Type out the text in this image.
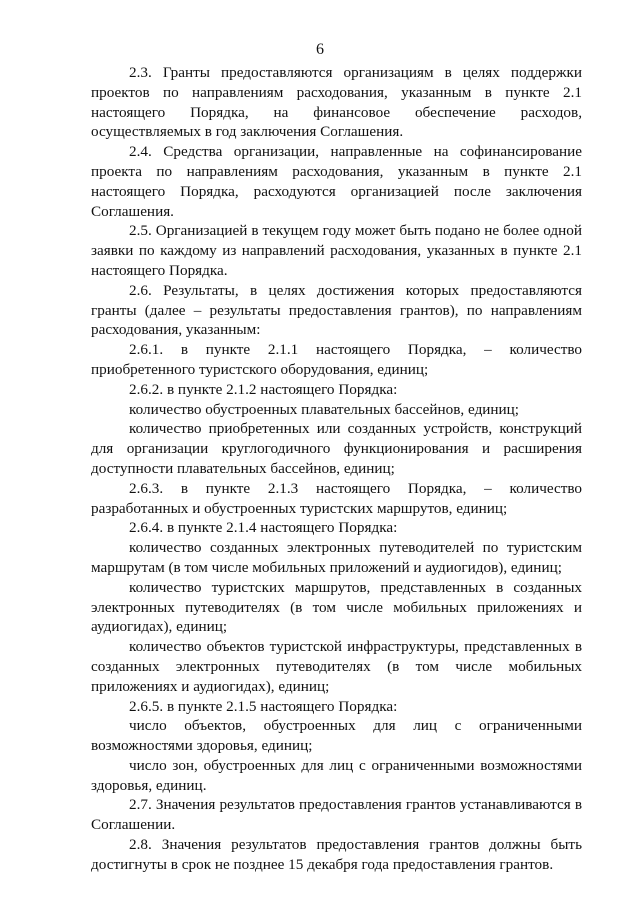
6

2.3. Гранты предоставляются организациям в целях поддержки проектов по направлениям расходования, указанным в пункте 2.1 настоящего Порядка, на финансовое обеспечение расходов, осуществляемых в год заключения Соглашения.

2.4. Средства организации, направленные на софинансирование проекта по направлениям расходования, указанным в пункте 2.1 настоящего Порядка, расходуются организацией после заключения Соглашения.

2.5. Организацией в текущем году может быть подано не более одной заявки по каждому из направлений расходования, указанных в пункте 2.1 настоящего Порядка.

2.6. Результаты, в целях достижения которых предоставляются гранты (далее – результаты предоставления грантов), по направлениям расходования, указанным:

2.6.1. в пункте 2.1.1 настоящего Порядка, – количество приобретенного туристского оборудования, единиц;

2.6.2. в пункте 2.1.2 настоящего Порядка:

количество обустроенных плавательных бассейнов, единиц;

количество приобретенных или созданных устройств, конструкций для организации круглогодичного функционирования и расширения доступности плавательных бассейнов, единиц;

2.6.3. в пункте 2.1.3 настоящего Порядка, – количество разработанных и обустроенных туристских маршрутов, единиц;

2.6.4. в пункте 2.1.4 настоящего Порядка:

количество созданных электронных путеводителей по туристским маршрутам (в том числе мобильных приложений и аудиогидов), единиц;

количество туристских маршрутов, представленных в созданных электронных путеводителях (в том числе мобильных приложениях и аудиогидах), единиц;

количество объектов туристской инфраструктуры, представленных в созданных электронных путеводителях (в том числе мобильных приложениях и аудиогидах), единиц;

2.6.5. в пункте 2.1.5 настоящего Порядка:

число объектов, обустроенных для лиц с ограниченными возможностями здоровья, единиц;

число зон, обустроенных для лиц с ограниченными возможностями здоровья, единиц.

2.7. Значения результатов предоставления грантов устанавливаются в Соглашении.

2.8. Значения результатов предоставления грантов должны быть достигнуты в срок не позднее 15 декабря года предоставления грантов.
